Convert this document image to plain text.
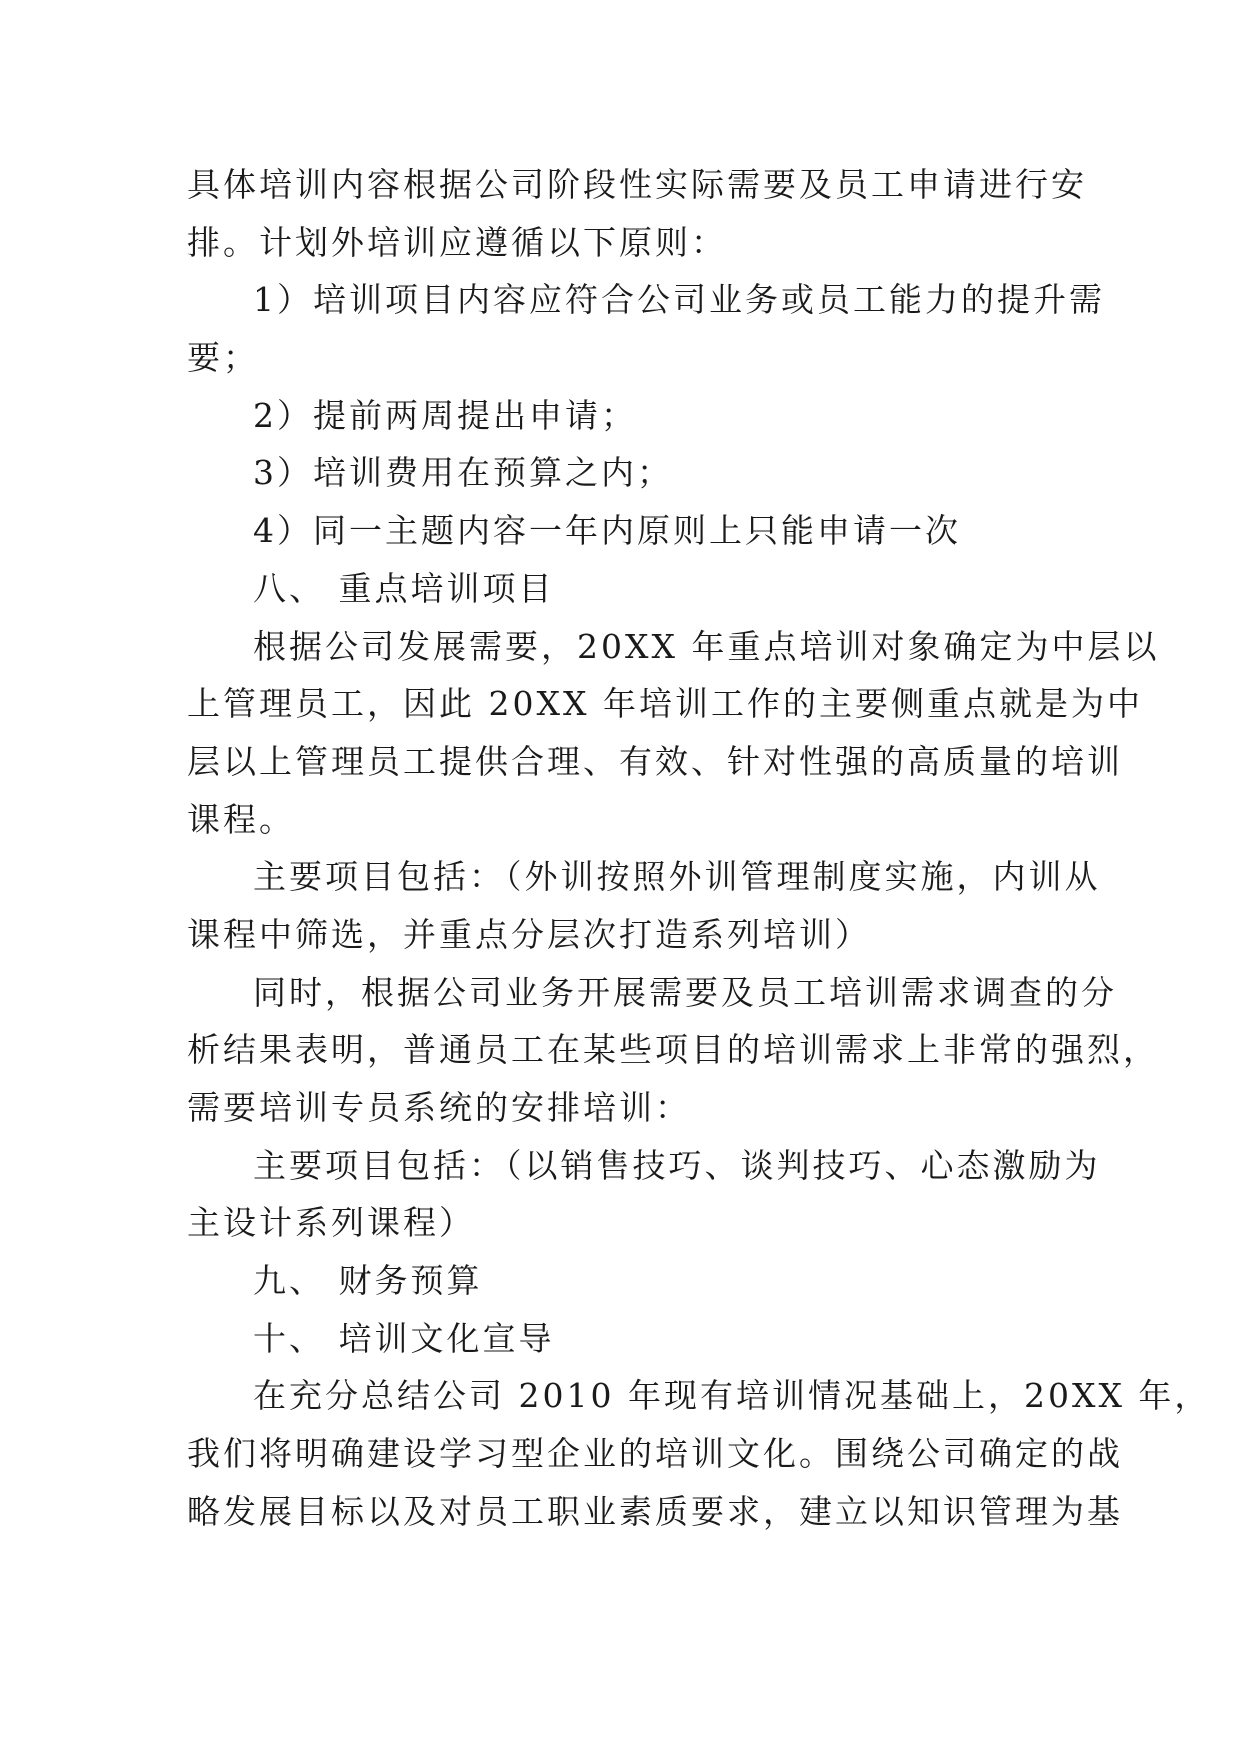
具体培训内容根据公司阶段性实际需要及员工申请进行安
排。计划外培训应遵循以下原则：
1）培训项目内容应符合公司业务或员工能力的提升需
要；
2）提前两周提出申请；
3）培训费用在预算之内；
4）同一主题内容一年内原则上只能申请一次
八、 重点培训项目
根据公司发展需要，20XX 年重点培训对象确定为中层以
上管理员工，因此 20XX 年培训工作的主要侧重点就是为中
层以上管理员工提供合理、有效、针对性强的高质量的培训
课程。
主要项目包括：（外训按照外训管理制度实施，内训从
课程中筛选，并重点分层次打造系列培训）
同时，根据公司业务开展需要及员工培训需求调查的分
析结果表明，普通员工在某些项目的培训需求上非常的强烈，
需要培训专员系统的安排培训：
主要项目包括：（以销售技巧、谈判技巧、心态激励为
主设计系列课程）
九、 财务预算
十、 培训文化宣导
在充分总结公司 2010 年现有培训情况基础上，20XX 年，
我们将明确建设学习型企业的培训文化。围绕公司确定的战
略发展目标以及对员工职业素质要求，建立以知识管理为基
